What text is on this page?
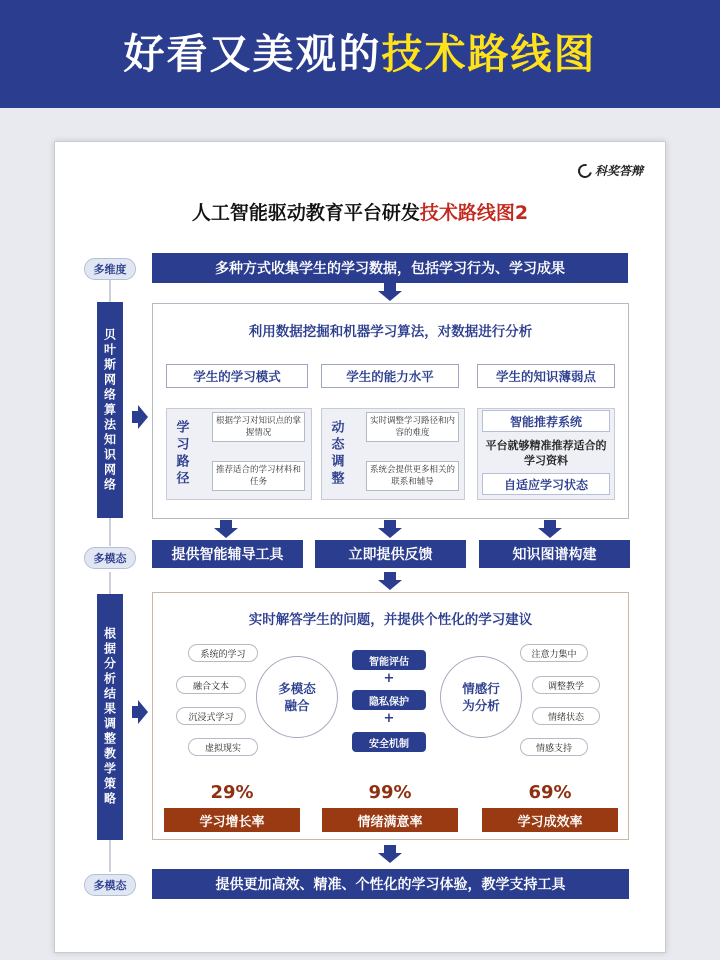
好看又美观的 技术路线图
科奖答辩
人工智能驱动教育平台研发技术路线图2
多维度
贝叶斯网络算法知识网络
多模态
根据分析结果调整教学策略
多模态
多种方式收集学生的学习数据，包括学习行为、学习成果
利用数据挖掘和机器学习算法，对数据进行分析
学生的学习模式	学生的能力水平	学生的知识薄弱点
学习路径	根据学习对知识点的掌握情况
推荐适合的学习材料和任务	动态调整	实时调整学习路径和内容的难度
系统会提供更多相关的联系和辅导
智能推荐系统
平台就够精准推荐适合的学习资料
自适应学习状态
提供智能辅导工具	立即提供反馈	知识图谱构建
实时解答学生的问题，并提供个性化的学习建议
系统的学习
融合文本
沉浸式学习
虚拟现实
多模态融合
智能评估
+
隐私保护
+
安全机制
情感行为分析
注意力集中
调整教学
情绪状态
情感支持
29%	99%	69%
学习增长率	情绪满意率	学习成效率
提供更加高效、精准、个性化的学习体验，教学支持工具
